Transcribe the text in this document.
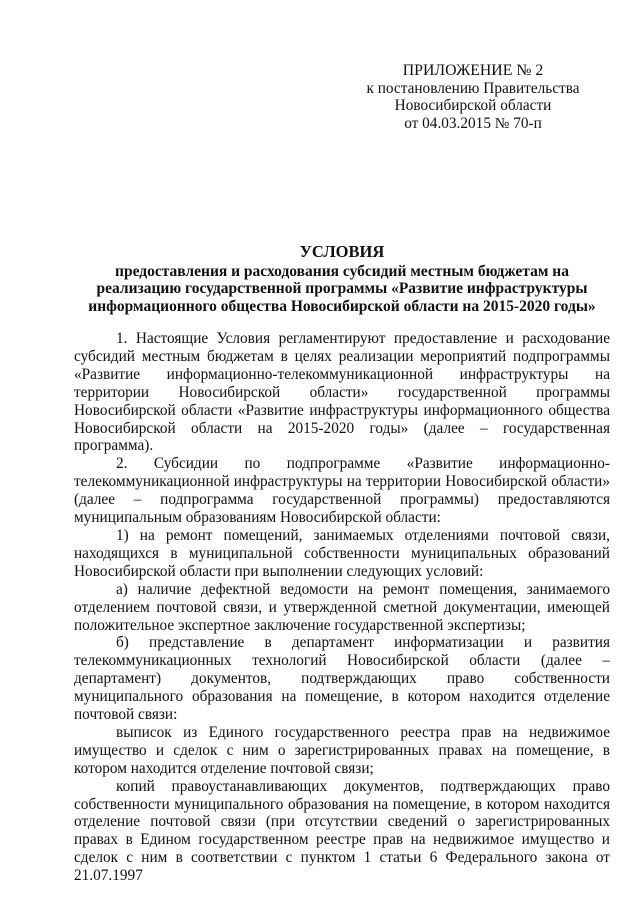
ПРИЛОЖЕНИЕ № 2
к постановлению Правительства
Новосибирской области
от 04.03.2015 № 70-п
УСЛОВИЯ
предоставления и расходования субсидий местным бюджетам на реализацию государственной программы «Развитие инфраструктуры информационного общества Новосибирской области на 2015-2020 годы»

1. Настоящие Условия регламентируют предоставление и расходование субсидий местным бюджетам в целях реализации мероприятий подпрограммы «Развитие информационно-телекоммуникационной инфраструктуры на территории Новосибирской области» государственной программы Новосибирской области «Развитие инфраструктуры информационного общества Новосибирской области на 2015-2020 годы» (далее – государственная программа).

2. Субсидии по подпрограмме «Развитие информационно-телекоммуникационной инфраструктуры на территории Новосибирской области» (далее – подпрограмма государственной программы) предоставляются муниципальным образованиям Новосибирской области:

1) на ремонт помещений, занимаемых отделениями почтовой связи, находящихся в муниципальной собственности муниципальных образований Новосибирской области при выполнении следующих условий:

а) наличие дефектной ведомости на ремонт помещения, занимаемого отделением почтовой связи, и утвержденной сметной документации, имеющей положительное экспертное заключение государственной экспертизы;

б) представление в департамент информатизации и развития телекоммуникационных технологий Новосибирской области (далее – департамент) документов, подтверждающих право собственности муниципального образования на помещение, в котором находится отделение почтовой связи:

выписок из Единого государственного реестра прав на недвижимое имущество и сделок с ним о зарегистрированных правах на помещение, в котором находится отделение почтовой связи;

копий правоустанавливающих документов, подтверждающих право собственности муниципального образования на помещение, в котором находится отделение почтовой связи (при отсутствии сведений о зарегистрированных правах в Едином государственном реестре прав на недвижимое имущество и сделок с ним в соответствии с пунктом 1 статьи 6 Федерального закона от 21.07.1997
